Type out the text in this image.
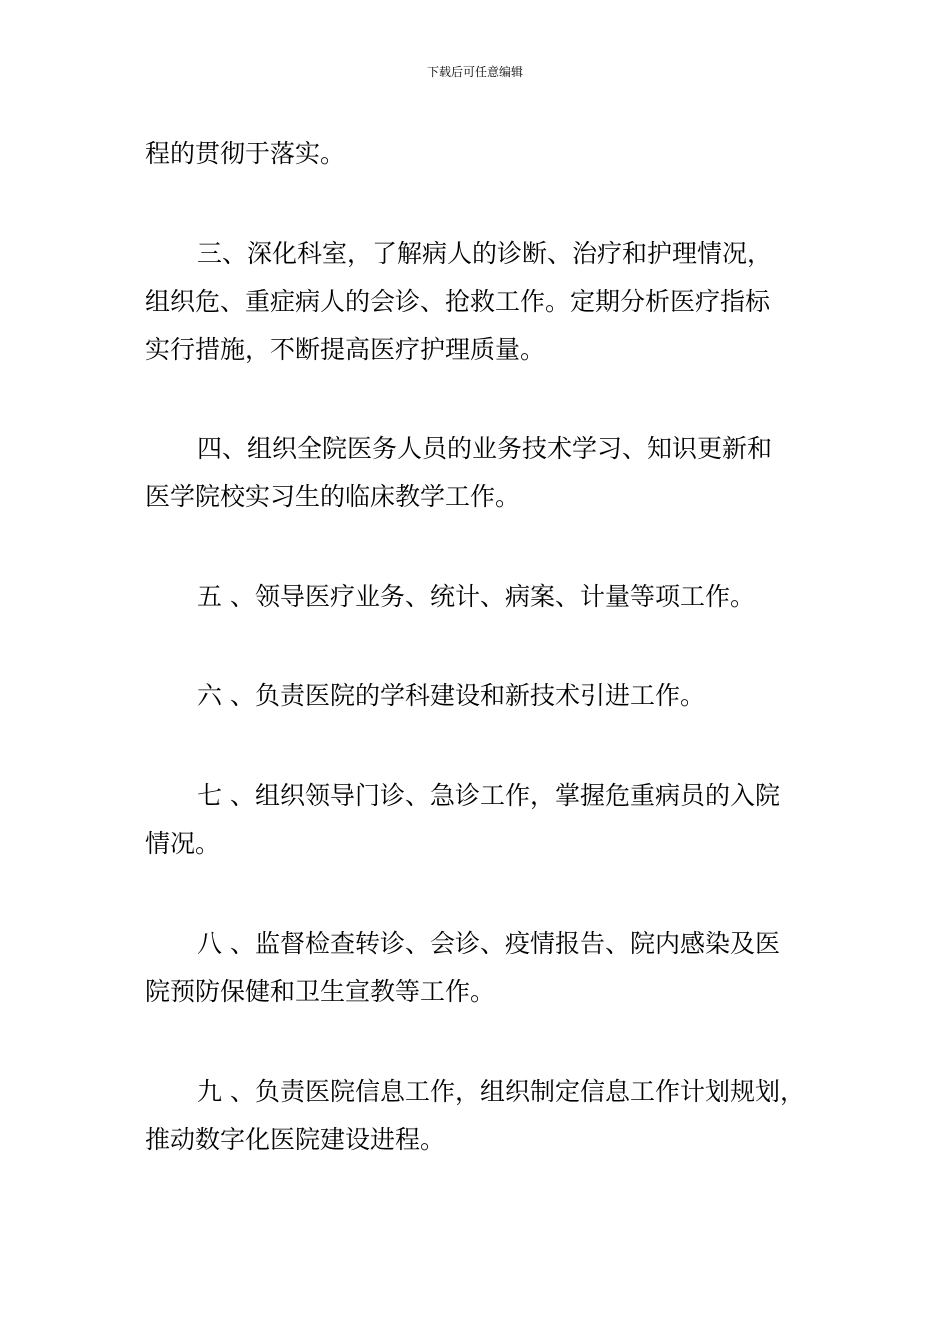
下载后可任意编辑
程的贯彻于落实。
三、深化科室，了解病人的诊断、治疗和护理情况，
组织危、重症病人的会诊、抢救工作。定期分析医疗指标
实行措施，不断提高医疗护理质量。
四、组织全院医务人员的业务技术学习、知识更新和
医学院校实习生的临床教学工作。
五 、领导医疗业务、统计、病案、计量等项工作。
六 、负责医院的学科建设和新技术引进工作。
七 、组织领导门诊、急诊工作，掌握危重病员的入院
情况。
八 、监督检查转诊、会诊、疫情报告、院内感染及医
院预防保健和卫生宣教等工作。
九 、负责医院信息工作，组织制定信息工作计划规划，
推动数字化医院建设进程。
